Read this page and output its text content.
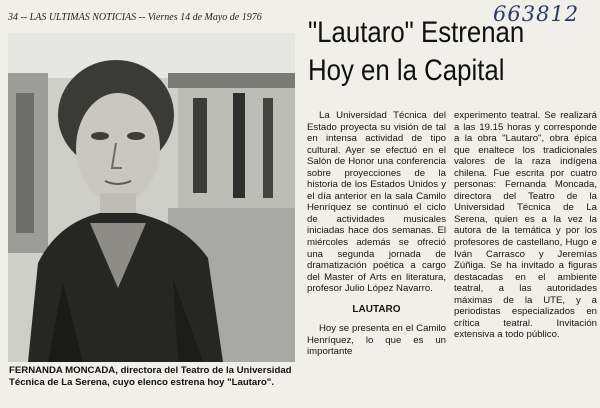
34 -- LAS ULTIMAS NOTICIAS -- Viernes 14 de Mayo de 1976	663812
FERNANDA MONCADA, directora del Teatro de la Universidad Técnica de La Serena, cuyo elenco estrena hoy "Lautaro".
"Lautaro" Estrenan
Hoy en la Capital

La Universidad Técnica del Estado proyecta su visión de tal en intensa actividad de tipo cultural. Ayer se efectuó en el Salón de Honor una conferencia sobre proyecciones de la historia de los Estados Unidos y el día anterior en la sala Camilo Henríquez se continuó el ciclo de actividades musicales iniciadas hace dos semanas. El miércoles además se ofreció una segunda jornada de dramatización poética a cargo del Master of Arts en literatura, profesor Julio López Navarro.

LAUTARO

Hoy se presenta en el Camilo Henríquez, lo que es un importante

experimento teatral. Se realizará a las 19.15 horas y corresponde a la obra "Lautaro", obra épica que enaltece los tradicionales valores de la raza indígena chilena. Fue escrita por cuatro personas: Fernanda Moncada, directora del Teatro de la Universidad Técnica de La Serena, quien es a la vez la autora de la temática y por los profesores de castellano, Hugo e Iván Carrasco y Jeremías Zúñiga. Se ha invitado a figuras destacadas en el ambiente teatral, a las autoridades máximas de la UTE, y a periodistas especializados en crítica teatral. Invitación extensiva a todo público.
